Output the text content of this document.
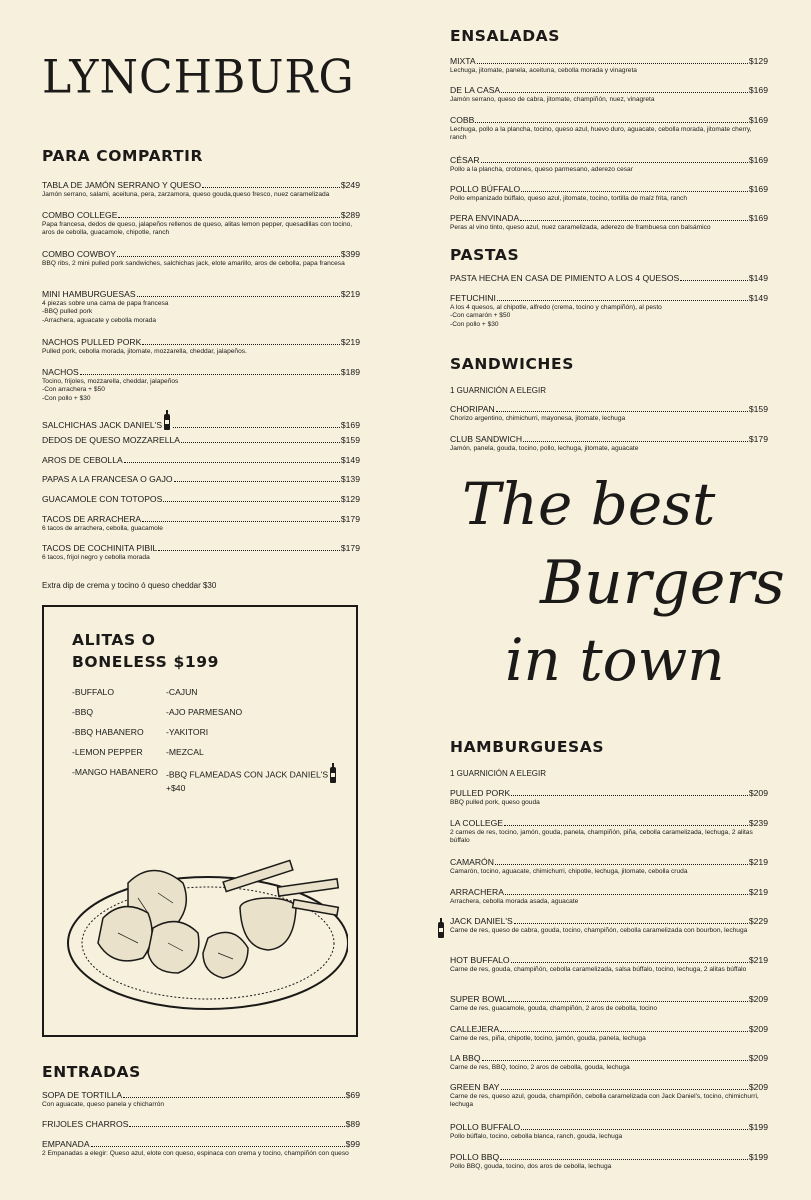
LYNCHBURG
PARA COMPARTIR
TABLA DE JAMÓN SERRANO Y QUESO	$249
Jamón serrano, salami, aceituna, pera, zarzamora, queso gouda,queso fresco, nuez caramelizada
COMBO COLLEGE	$289
Papa francesa, dedos de queso, jalapeños rellenos de queso, alitas lemon pepper, quesadillas con tocino, aros de cebolla, guacamole, chipotle, ranch
COMBO COWBOY	$399
BBQ ribs, 2 mini pulled pork sandwiches, salchichas jack, elote amarillo, aros de cebolla, papa francesa
MINI HAMBURGUESAS	$219
4 piezas sobre una cama de papa francesa
-BBQ pulled pork
-Arrachera, aguacate y cebolla morada
NACHOS PULLED PORK	$219
Pulled pork, cebolla morada, jitomate, mozzarella, cheddar, jalapeños.
NACHOS	$189
Tocino, frijoles, mozzarella, cheddar, jalapeños
-Con arrachera + $50
-Con pollo + $30
SALCHICHAS JACK DANIEL'S	$169
DEDOS DE QUESO MOZZARELLA	$159
AROS DE CEBOLLA	$149
PAPAS A LA FRANCESA O GAJO	$139
GUACAMOLE CON TOTOPOS	$129
TACOS DE ARRACHERA	$179
6 tacos de arrachera, cebolla, guacamole
TACOS DE COCHINITA PIBIL	$179
6 tacos, frijol negro y cebolla morada
Extra dip de crema y tocino ó queso cheddar $30
ALITAS O
BONELESS $199
-BUFFALO
-BBQ
-BBQ HABANERO
-LEMON PEPPER
-MANGO HABANERO
-CAJUN
-AJO PARMESANO
-YAKITORI
-MEZCAL
-BBQ FLAMEADAS CON JACK DANIEL'S+$40
ENTRADAS
SOPA DE TORTILLA	$69
Con aguacate, queso panela y chicharrón
FRIJOLES CHARROS	$89
EMPANADA	$99
2 Empanadas a elegir: Queso azul, elote con queso, espinaca con crema y tocino, champiñón con queso
ENSALADAS
MIXTA	$129
Lechuga, jitomate, panela, aceituna, cebolla morada y vinagreta
DE LA CASA	$169
Jamón serrano, queso de cabra, jitomate, champiñón, nuez, vinagreta
COBB	$169
Lechuga, pollo a la plancha, tocino, queso azul, huevo duro, aguacate, cebolla morada, jitomate cherry, ranch
CÉSAR	$169
Pollo a la plancha, crotones, queso parmesano, aderezo cesar
POLLO BÚFFALO	$169
Pollo empanizado búffalo, queso azul, jitomate, tocino, tortilla de maíz frita, ranch
PERA ENVINADA	$169
Peras al vino tinto, queso azul, nuez caramelizada, aderezo de frambuesa con balsámico
PASTAS
PASTA HECHA EN CASA DE PIMIENTO A LOS 4 QUESOS	$149
FETUCHINI	$149
A los 4 quesos, al chipotle, alfredo (crema, tocino y champiñón), al pesto
-Con camarón + $50
-Con pollo + $30
SANDWICHES
1 GUARNICIÓN A ELEGIR
CHORIPAN	$159
Chorizo argentino, chimichurri, mayonesa, jitomate, lechuga
CLUB SANDWICH	$179
Jamón, panela, gouda, tocino, pollo, lechuga, jitomate, aguacate
The best
Burgers
in town
HAMBURGUESAS
1 GUARNICIÓN A ELEGIR
PULLED PORK	$209
BBQ pulled pork, queso gouda
LA COLLEGE	$239
2 carnes de res, tocino, jamón, gouda, panela, champiñón, piña, cebolla caramelizada, lechuga, 2 alitas búffalo
CAMARÓN	$219
Camarón, tocino, aguacate, chimichurri, chipotle, lechuga, jitomate, cebolla cruda
ARRACHERA	$219
Arrachera, cebolla morada asada, aguacate
JACK DANIEL'S	$229
Carne de res, queso de cabra, gouda, tocino, champiñón, cebolla caramelizada con bourbon, lechuga
HOT BUFFALO	$219
Carne de res, gouda, champiñón, cebolla caramelizada, salsa búffalo, tocino, lechuga, 2 alitas búffalo
SUPER BOWL	$209
Carne de res, guacamole, gouda, champiñón, 2 aros de cebolla, tocino
CALLEJERA	$209
Carne de res, piña, chipotle, tocino, jamón, gouda, panela, lechuga
LA BBQ	$209
Carne de res, BBQ, tocino, 2 aros de cebolla, gouda, lechuga
GREEN BAY	$209
Carne de res, queso azul, gouda, champiñón, cebolla caramelizada con Jack Daniel's, tocino, chimichurri, lechuga
POLLO BUFFALO	$199
Pollo búffalo, tocino, cebolla blanca, ranch, gouda, lechuga
POLLO BBQ	$199
Pollo BBQ, gouda, tocino, dos aros de cebolla, lechuga
